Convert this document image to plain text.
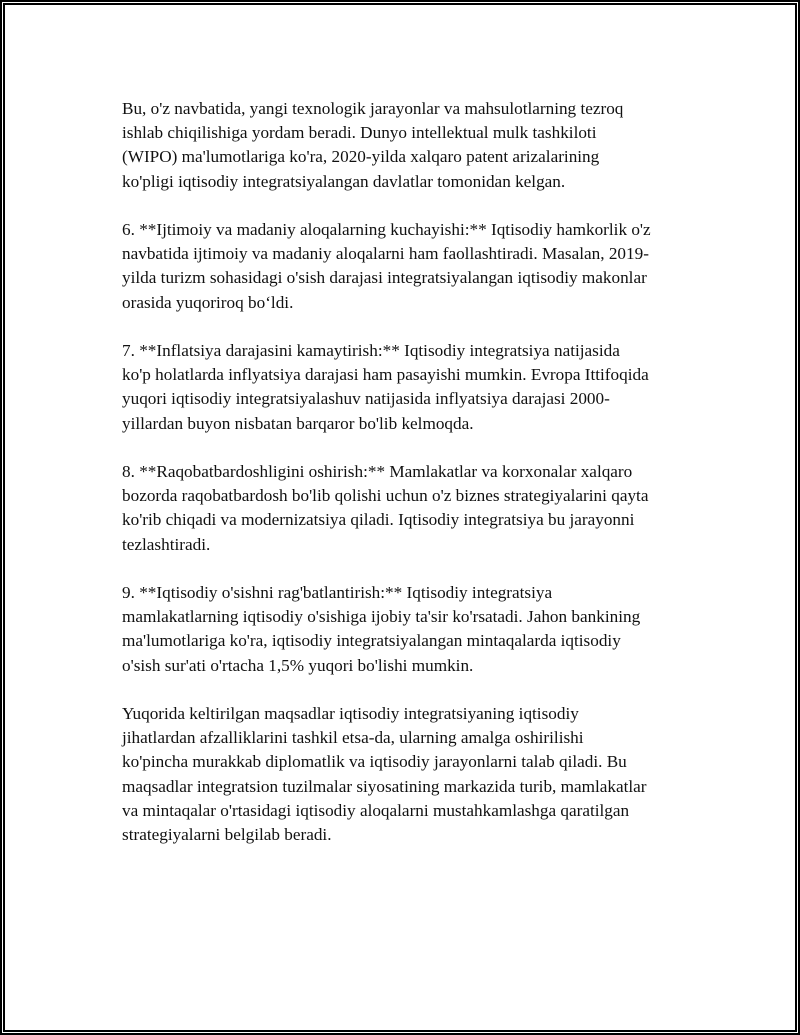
Bu, o'z navbatida, yangi texnologik jarayonlar va mahsulotlarning tezroq
ishlab chiqilishiga yordam beradi. Dunyo intellektual mulk tashkiloti
(WIPO) ma'lumotlariga ko'ra, 2020-yilda xalqaro patent arizalarining
ko'pligi iqtisodiy integratsiyalangan davlatlar tomonidan kelgan.

6. **Ijtimoiy va madaniy aloqalarning kuchayishi:** Iqtisodiy hamkorlik o'z
navbatida ijtimoiy va madaniy aloqalarni ham faollashtiradi. Masalan, 2019-
yilda turizm sohasidagi o'sish darajasi integratsiyalangan iqtisodiy makonlar
orasida yuqoriroq bo‘ldi.

7. **Inflatsiya darajasini kamaytirish:** Iqtisodiy integratsiya natijasida
ko'p holatlarda inflyatsiya darajasi ham pasayishi mumkin. Evropa Ittifoqida
yuqori iqtisodiy integratsiyalashuv natijasida inflyatsiya darajasi 2000-
yillardan buyon nisbatan barqaror bo'lib kelmoqda.

8. **Raqobatbardoshligini oshirish:** Mamlakatlar va korxonalar xalqaro
bozorda raqobatbardosh bo'lib qolishi uchun o'z biznes strategiyalarini qayta
ko'rib chiqadi va modernizatsiya qiladi. Iqtisodiy integratsiya bu jarayonni
tezlashtiradi.

9. **Iqtisodiy o'sishni rag'batlantirish:** Iqtisodiy integratsiya
mamlakatlarning iqtisodiy o'sishiga ijobiy ta'sir ko'rsatadi. Jahon bankining
ma'lumotlariga ko'ra, iqtisodiy integratsiyalangan mintaqalarda iqtisodiy
o'sish sur'ati o'rtacha 1,5% yuqori bo'lishi mumkin.

Yuqorida keltirilgan maqsadlar iqtisodiy integratsiyaning iqtisodiy
jihatlardan afzalliklarini tashkil etsa-da, ularning amalga oshirilishi
ko'pincha murakkab diplomatlik va iqtisodiy jarayonlarni talab qiladi. Bu
maqsadlar integratsion tuzilmalar siyosatining markazida turib, mamlakatlar
va mintaqalar o'rtasidagi iqtisodiy aloqalarni mustahkamlashga qaratilgan
strategiyalarni belgilab beradi.
